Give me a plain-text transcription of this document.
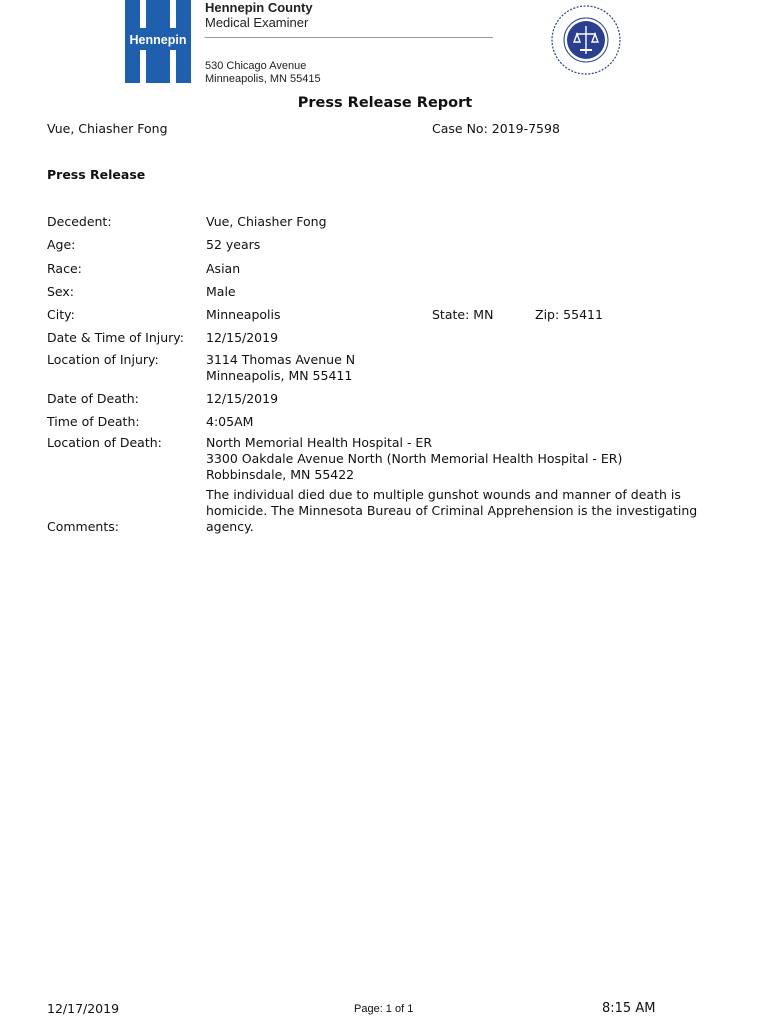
Hennepin
Hennepin County
Medical Examiner
530 Chicago Avenue
Minneapolis, MN 55415
Press Release Report
Vue, Chiasher Fong	Case No: 2019-7598
Press Release
Decedent:	Vue, Chiasher Fong
Age:	52 years
Race:	Asian
Sex:	Male
City:	Minneapolis	State: MN	Zip: 55411
Date & Time of Injury: 12/15/2019
Location of Injury:	3114 Thomas Avenue N
Minneapolis, MN 55411
Date of Death:	12/15/2019
Time of Death:	4:05AM
Location of Death:	North Memorial Health Hospital - ER
3300 Oakdale Avenue North (North Memorial Health Hospital - ER)
Robbinsdale, MN 55422
Comments:
The individual died due to multiple gunshot wounds and manner of death is homicide. The Minnesota Bureau of Criminal Apprehension is the investigating agency.
12/17/2019	Page: 1 of 1	8:15 AM
